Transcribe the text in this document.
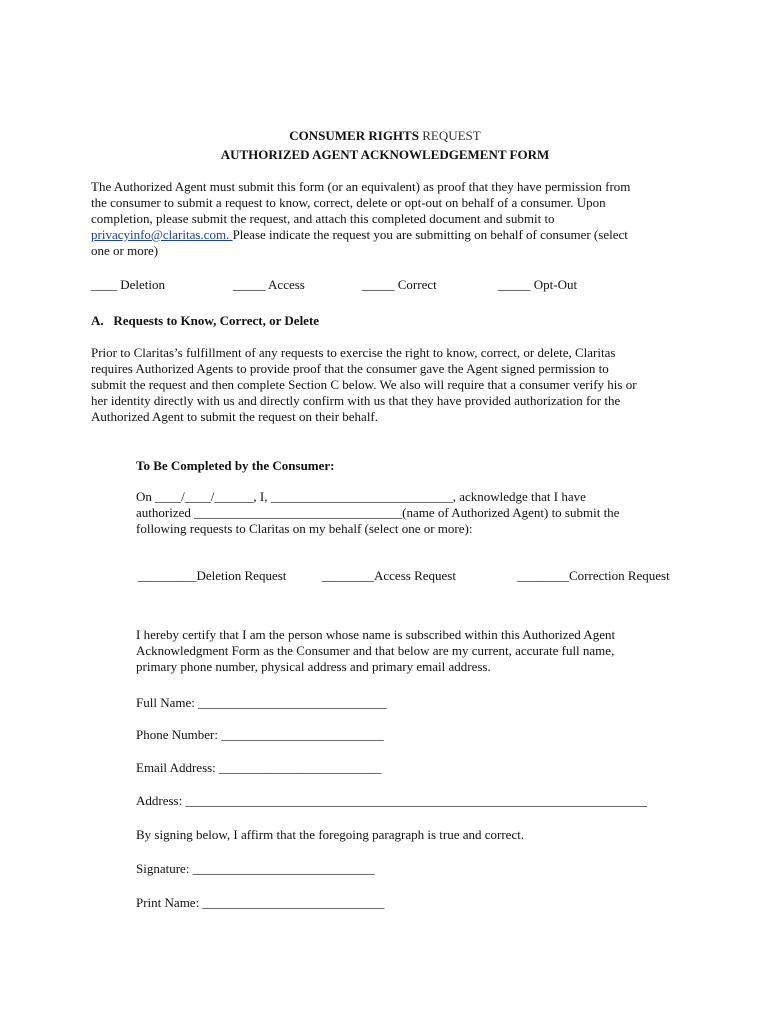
CONSUMER RIGHTS REQUEST
AUTHORIZED AGENT ACKNOWLEDGEMENT FORM

The Authorized Agent must submit this form (or an equivalent) as proof that they have permission from

the consumer to submit a request to know, correct, delete or opt-out on behalf of a consumer. Upon

completion, please submit the request, and attach this completed document and submit to

privacyinfo@claritas.com. Please indicate the request you are submitting on behalf of consumer (select

one or more)

____ Deletion	_____ Access	_____ Correct	_____ Opt-Out
A.   Requests to Know, Correct, or Delete

Prior to Claritas’s fulfillment of any requests to exercise the right to know, correct, or delete, Claritas

requires Authorized Agents to provide proof that the consumer gave the Agent signed permission to

submit the request and then complete Section C below. We also will require that a consumer verify his or

her identity directly with us and directly confirm with us that they have provided authorization for the

Authorized Agent to submit the request on their behalf.

To Be Completed by the Consumer:

On ____/____/______, I, ____________________________, acknowledge that I have

authorized ________________________________(name of Authorized Agent) to submit the

following requests to Claritas on my behalf (select one or more):

_________Deletion Request	________Access Request	________Correction Request

I hereby certify that I am the person whose name is subscribed within this Authorized Agent

Acknowledgment Form as the Consumer and that below are my current, accurate full name,

primary phone number, physical address and primary email address.

Full Name: _____________________________
Phone Number: _________________________
Email Address: _________________________
Address: _______________________________________________________________________
By signing below, I affirm that the foregoing paragraph is true and correct.
Signature: ____________________________
Print Name: ____________________________
